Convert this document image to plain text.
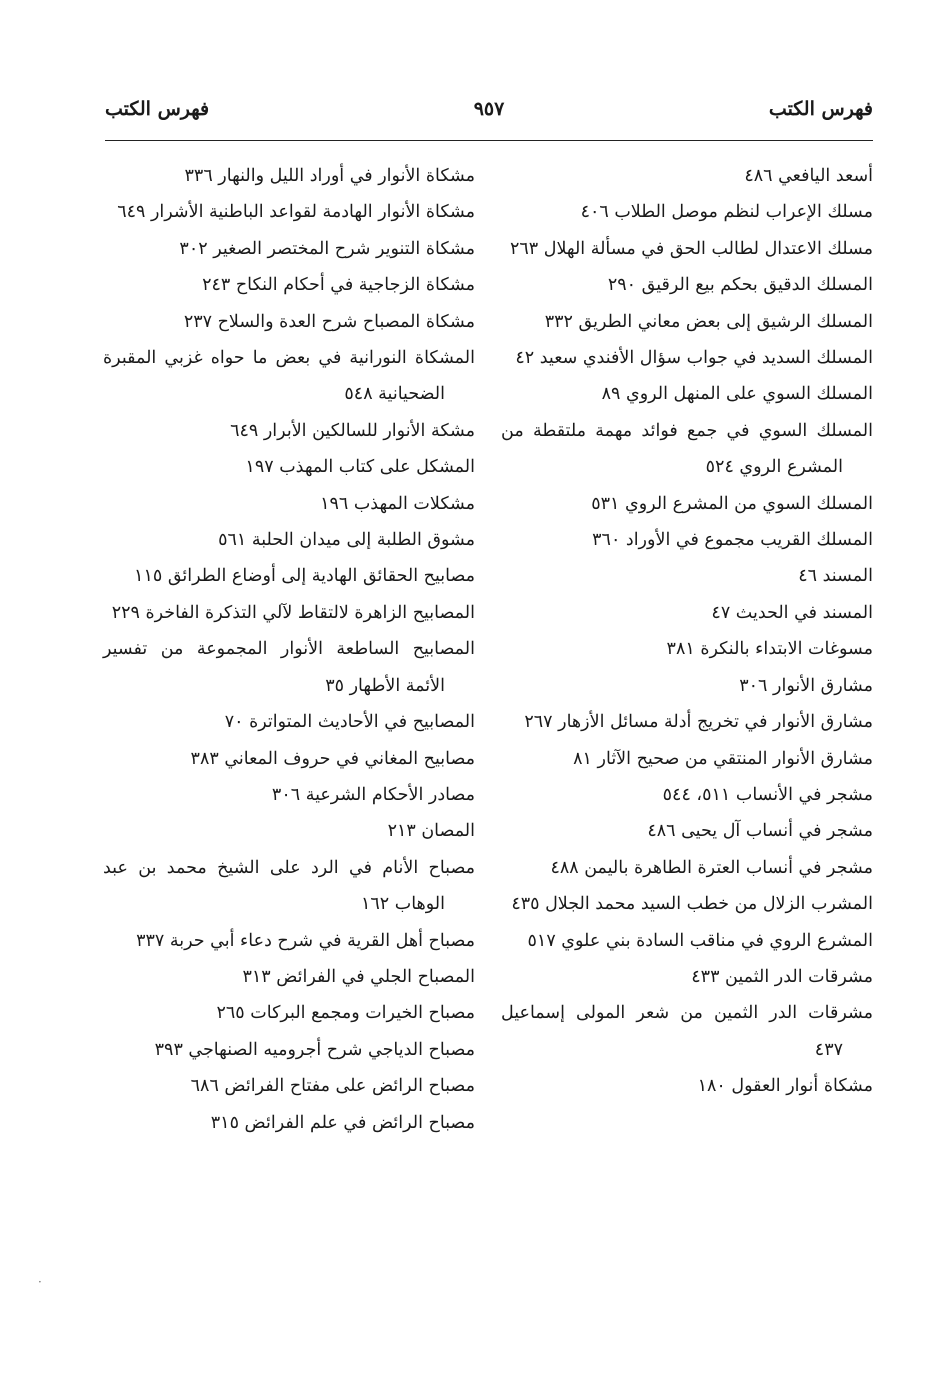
فهرس الكتب
٩٥٧
فهرس الكتب
أسعد اليافعي ٤٨٦
مسلك الإعراب لنظم موصل الطلاب ٤٠٦
مسلك الاعتدال لطالب الحق في مسألة الهلال ٢٦٣
المسلك الدقيق بحكم بيع الرقيق ٢٩٠
المسلك الرشيق إلى بعض معاني الطريق ٣٣٢
المسلك السديد في جواب سؤال الأفندي سعيد ٤٢
المسلك السوي على المنهل الروي ٨٩
المسلك السوي في جمع فوائد مهمة ملتقطة من المشرع الروي ٥٢٤
المسلك السوي من المشرع الروي ٥٣١
المسلك القريب مجموع في الأوراد ٣٦٠
المسند ٤٦
المسند في الحديث ٤٧
مسوغات الابتداء بالنكرة ٣٨١
مشارق الأنوار ٣٠٦
مشارق الأنوار في تخريج أدلة مسائل الأزهار ٢٦٧
مشارق الأنوار المنتقي من صحيح الآثار ٨١
مشجر في الأنساب ٥١١، ٥٤٤
مشجر في أنساب آل يحيى ٤٨٦
مشجر في أنساب العترة الطاهرة باليمن ٤٨٨
المشرب الزلال من خطب السيد محمد الجلال ٤٣٥
المشرع الروي في مناقب السادة بني علوي ٥١٧
مشرقات الدر الثمين ٤٣٣
مشرقات الدر الثمين من شعر المولى إسماعيل ٤٣٧
مشكاة أنوار العقول ١٨٠
مشكاة الأنوار في أوراد الليل والنهار ٣٣٦
مشكاة الأنوار الهادمة لقواعد الباطنية الأشرار ٦٤٩
مشكاة التنوير شرح المختصر الصغير ٣٠٢
مشكاة الزجاجية في أحكام النكاح ٢٤٣
مشكاة المصباح شرح العدة والسلاح ٢٣٧
المشكاة النورانية في بعض ما حواه غزبي المقبرة الضحيانية ٥٤٨
مشكة الأنوار للسالكين الأبرار ٦٤٩
المشكل على كتاب المهذب ١٩٧
مشكلات المهذب ١٩٦
مشوق الطلبة إلى ميدان الحلبة ٥٦١
مصابيح الحقائق الهادية إلى أوضاع الطرائق ١١٥
المصابيح الزاهرة لالتقاط لآلي التذكرة الفاخرة ٢٢٩
المصابيح الساطعة الأنوار المجموعة من تفسير الأئمة الأطهار ٣٥
المصابيح في الأحاديث المتواترة ٧٠
مصابيح المغاني في حروف المعاني ٣٨٣
مصادر الأحكام الشرعية ٣٠٦
المصان ٢١٣
مصباح الأنام في الرد على الشيخ محمد بن عبد الوهاب ١٦٢
مصباح أهل القرية في شرح دعاء أبي حربة ٣٣٧
المصباح الجلي في الفرائض ٣١٣
مصباح الخيرات ومجمع البركات ٢٦٥
مصباح الدياجي شرح أجروميه الصنهاجي ٣٩٣
مصباح الرائض على مفتاح الفرائض ٦٨٦
مصباح الرائض في علم الفرائض ٣١٥
·
